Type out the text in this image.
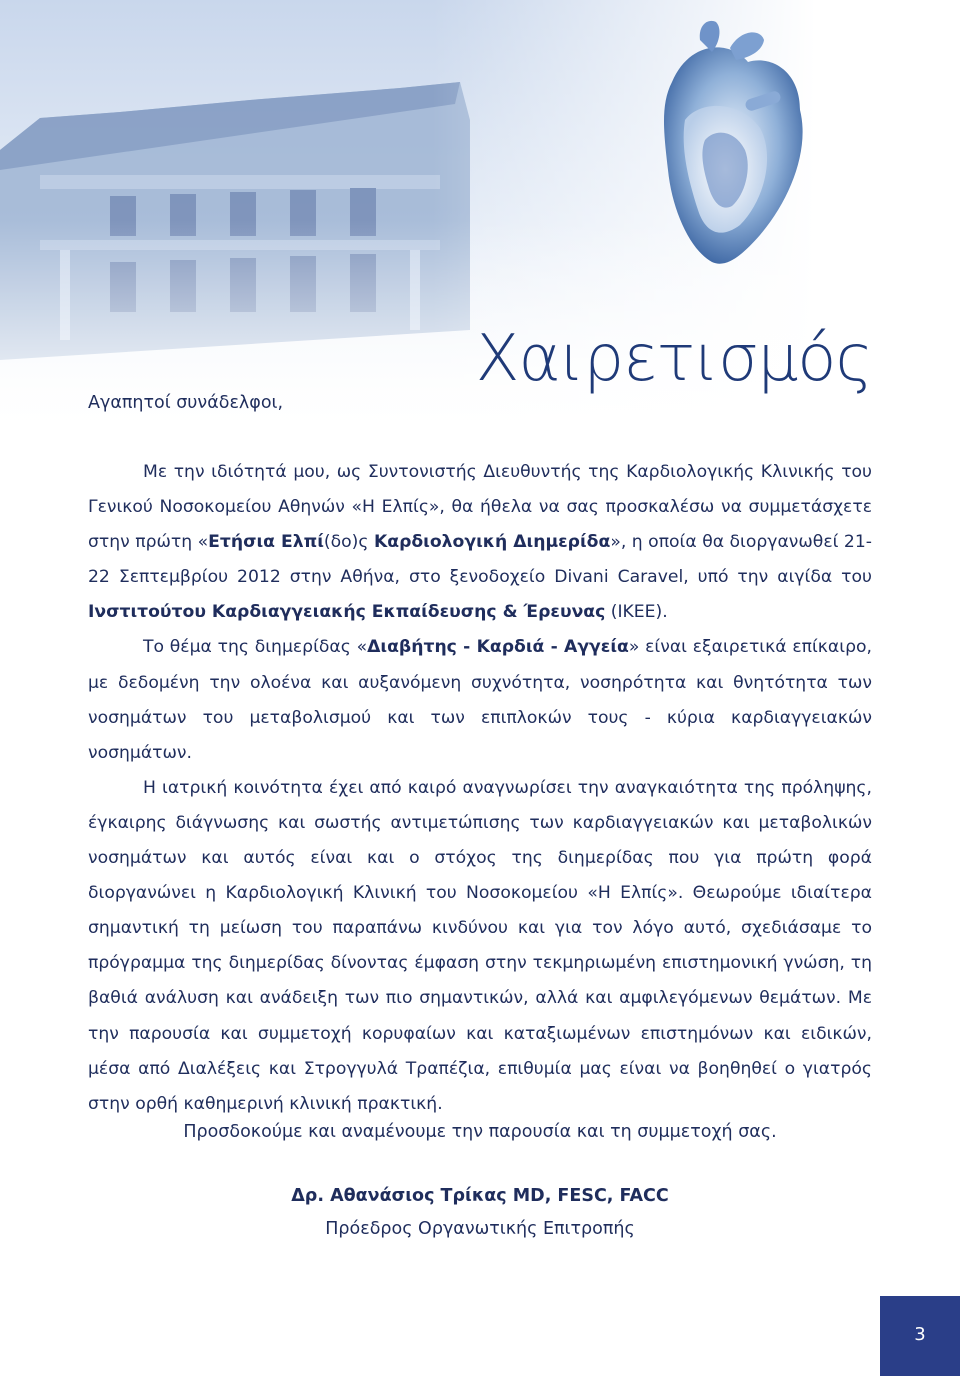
Χαιρετισμός
Αγαπητοί συνάδελφοι,

Με την ιδιότητά μου, ως Συντονιστής Διευθυντής της Καρδιολογικής Κλινικής του Γενικού Νοσοκομείου Αθηνών «Η Ελπίς», θα ήθελα να σας προσκαλέσω να συμμετάσχετε στην πρώτη «Ετήσια Ελπί(δο)ς Καρδιολογική Διημερίδα», η οποία θα διοργανωθεί 21-22 Σεπτεμβρίου 2012 στην Αθήνα, στο ξενοδοχείο Divani Caravel, υπό την αιγίδα του Ινστιτούτου Καρδιαγγειακής Εκπαίδευσης & Έρευνας (ΙΚΕΕ).

Το θέμα της διημερίδας «Διαβήτης - Καρδιά - Αγγεία» είναι εξαιρετικά επίκαιρο, με δεδομένη την ολοένα και αυξανόμενη συχνότητα, νοσηρότητα και θνητότητα των νοσημάτων του μεταβολισμού και των επιπλοκών τους - κύρια καρδιαγγειακών νοσημάτων.

Η ιατρική κοινότητα έχει από καιρό αναγνωρίσει την αναγκαιότητα της πρόληψης, έγκαιρης διάγνωσης και σωστής αντιμετώπισης των καρδιαγγειακών και μεταβολικών νοσημάτων και αυτός είναι και ο στόχος της διημερίδας που για πρώτη φορά διοργανώνει η Καρδιολογική Κλινική του Νοσοκομείου «Η Ελπίς». Θεωρούμε ιδιαίτερα σημαντική τη μείωση του παραπάνω κινδύνου και για τον λόγο αυτό, σχεδιάσαμε το πρόγραμμα της διημερίδας δίνοντας έμφαση στην τεκμηριωμένη επιστημονική γνώση, τη βαθιά ανάλυση και ανάδειξη των πιο σημαντικών, αλλά και αμφιλεγόμενων θεμάτων. Με την παρουσία και συμμετοχή κορυφαίων και καταξιωμένων επιστημόνων και ειδικών, μέσα από Διαλέξεις και Στρογγυλά Τραπέζια, επιθυμία μας είναι να βοηθηθεί ο γιατρός στην ορθή καθημερινή κλινική πρακτική.

Προσδοκούμε και αναμένουμε την παρουσία και τη συμμετοχή σας.
Δρ. Αθανάσιος Τρίκας MD, FESC, FACC
Πρόεδρος Οργανωτικής Επιτροπής
3
